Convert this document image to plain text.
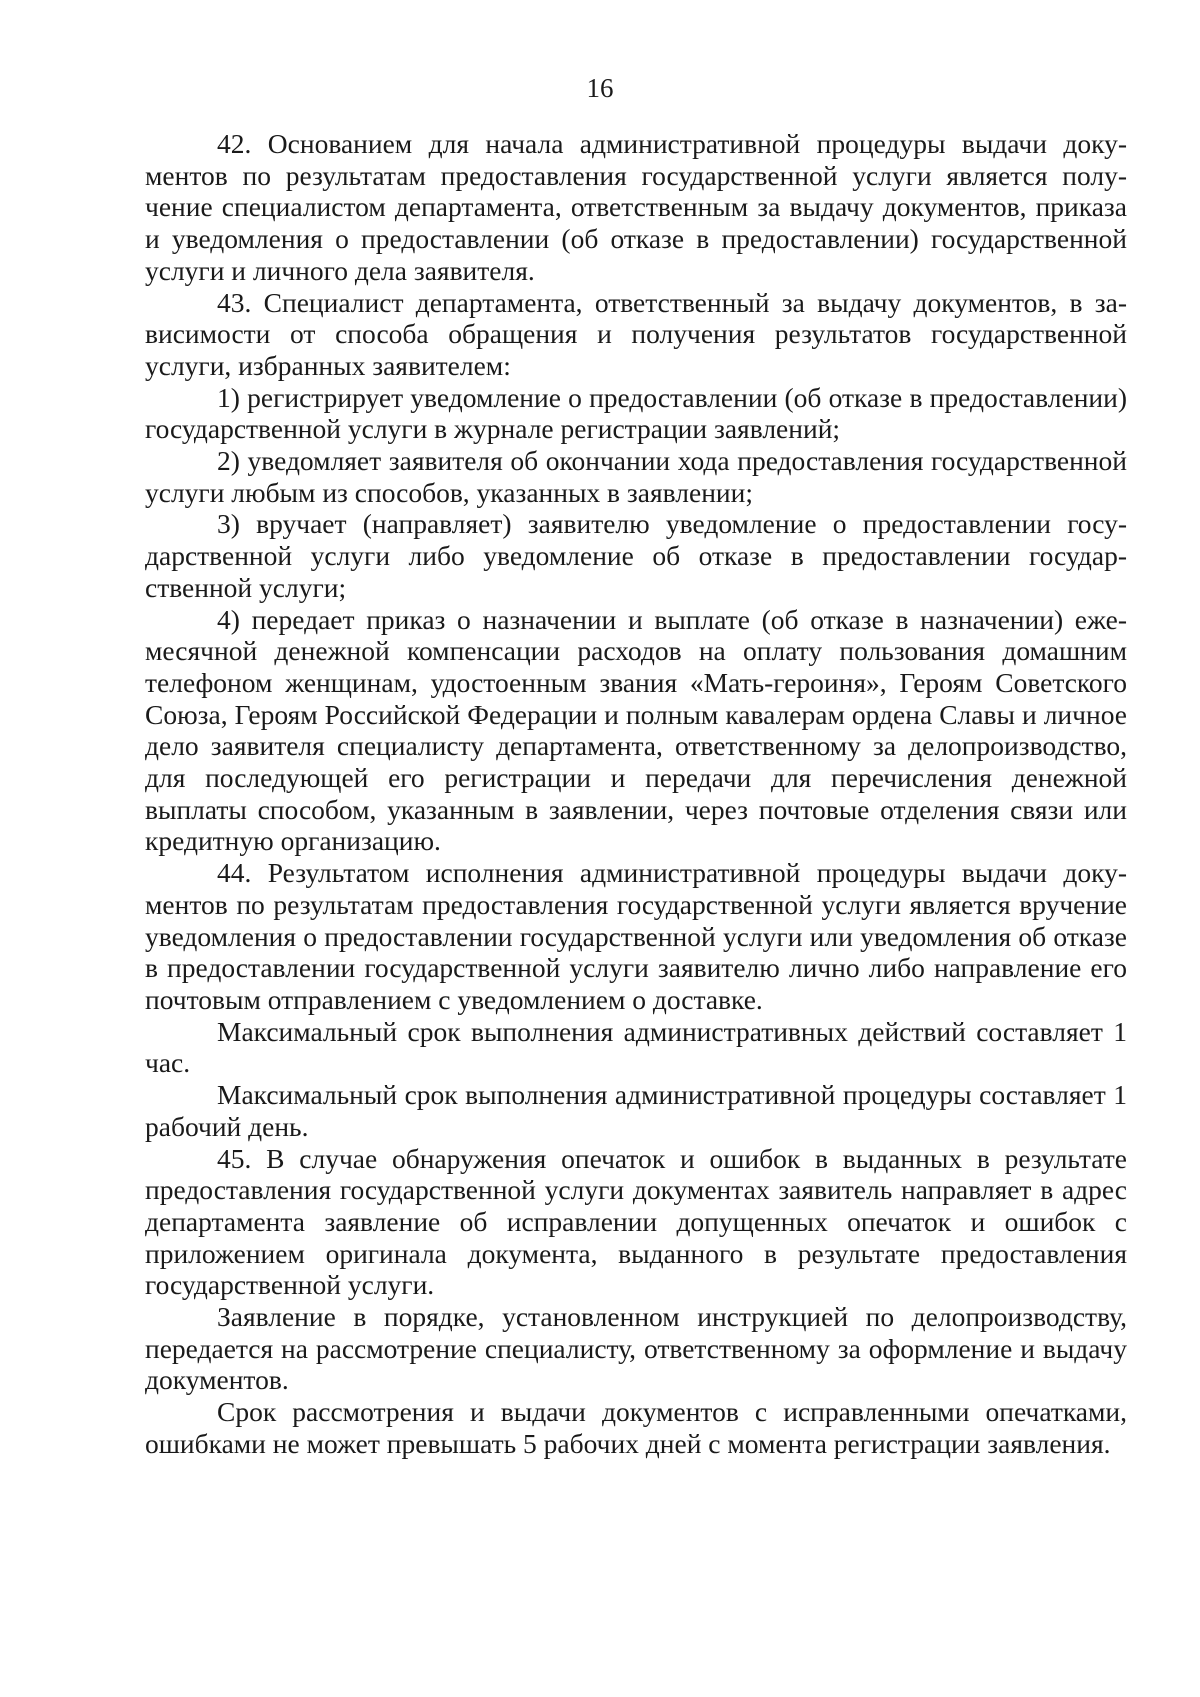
16

42. Основанием для начала административной процедуры выдачи документов по результатам предоставления государственной услуги является получение специалистом департамента, ответственным за выдачу документов, приказа и уведомления о предоставлении (об отказе в предоставлении) государственной услуги и личного дела заявителя.

43. Специалист департамента, ответственный за выдачу документов, в зависимости от способа обращения и получения результатов государственной услуги, избранных заявителем:

1) регистрирует уведомление о предоставлении (об отказе в предоставлении) государственной услуги в журнале регистрации заявлений;

2) уведомляет заявителя об окончании хода предоставления государственной услуги любым из способов, указанных в заявлении;

3) вручает (направляет) заявителю уведомление о предоставлении государственной услуги либо уведомление об отказе в предоставлении государственной услуги;

4) передает приказ о назначении и выплате (об отказе в назначении) ежемесячной денежной компенсации расходов на оплату пользования домашним телефоном женщинам, удостоенным звания «Мать-героиня», Героям Советского Союза, Героям Российской Федерации и полным кавалерам ордена Славы и личное дело заявителя специалисту департамента, ответственному за делопроизводство, для последующей его регистрации и передачи для перечисления денежной выплаты способом, указанным в заявлении, через почтовые отделения связи или кредитную организацию.

44. Результатом исполнения административной процедуры выдачи документов по результатам предоставления государственной услуги является вручение уведомления о предоставлении государственной услуги или уведомления об отказе в предоставлении государственной услуги заявителю лично либо направление его почтовым отправлением с уведомлением о доставке.

Максимальный срок выполнения административных действий составляет 1 час.

Максимальный срок выполнения административной процедуры составляет 1 рабочий день.

45. В случае обнаружения опечаток и ошибок в выданных в результате предоставления государственной услуги документах заявитель направляет в адрес департамента заявление об исправлении допущенных опечаток и ошибок с приложением оригинала документа, выданного в результате предоставления государственной услуги.

Заявление в порядке, установленном инструкцией по делопроизводству, передается на рассмотрение специалисту, ответственному за оформление и выдачу документов.

Срок рассмотрения и выдачи документов с исправленными опечатками, ошибками не может превышать 5 рабочих дней с момента регистрации заявления.
